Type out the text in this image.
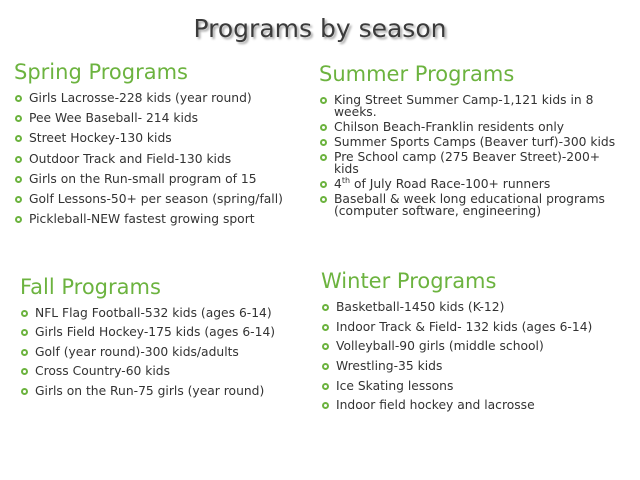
Programs by season
Spring Programs
Girls Lacrosse-228 kids (year round)
Pee Wee Baseball- 214 kids
Street Hockey-130 kids
Outdoor Track and Field-130 kids
Girls on the Run-small program of 15
Golf Lessons-50+ per season (spring/fall)
Pickleball-NEW fastest growing sport
Summer Programs
King Street Summer Camp-1,121 kids in 8 weeks.
Chilson Beach-Franklin residents only
Summer Sports Camps (Beaver turf)-300 kids
Pre School camp (275 Beaver Street)-200+ kids
4th of July Road Race-100+ runners
Baseball & week long educational programs (computer software, engineering)
Fall Programs
NFL Flag Football-532 kids (ages 6-14)
Girls Field Hockey-175 kids (ages 6-14)
Golf (year round)-300 kids/adults
Cross Country-60 kids
Girls on the Run-75 girls (year round)
Winter Programs
Basketball-1450 kids (K-12)
Indoor Track & Field- 132 kids (ages 6-14)
Volleyball-90 girls (middle school)
Wrestling-35 kids
Ice Skating lessons
Indoor field hockey and lacrosse
